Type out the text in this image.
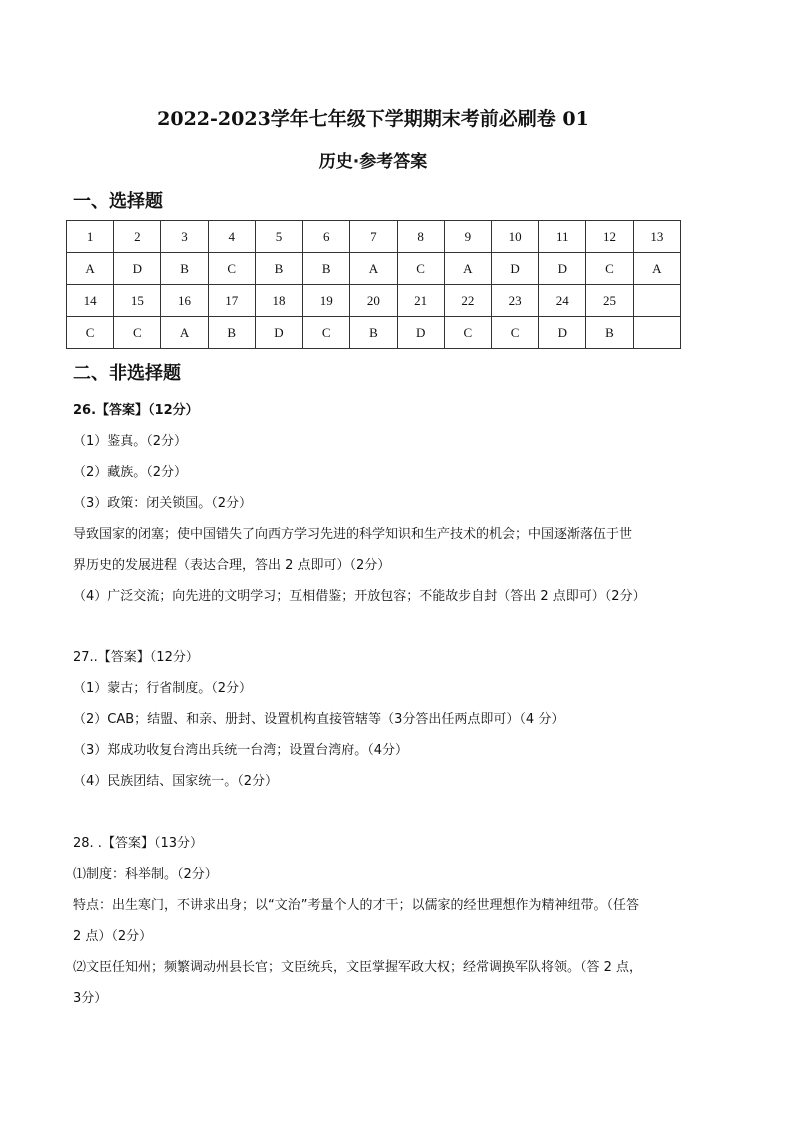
2022-2023学年七年级下学期期末考前必刷卷 01
历史·参考答案
一、选择题
1	2	3	4	5	6	7	8	9	10	11	12	13
A	D	B	C	B	B	A	C	A	D	D	C	A
14	15	16	17	18	19	20	21	22	23	24	25	
C	C	A	B	D	C	B	D	C	C	D	B	
二、非选择题
26.【答案】（12分）
（1）鉴真。（2分）
（2）藏族。（2分）
（3）政策：闭关锁国。（2分）
导致国家的闭塞；使中国错失了向西方学习先进的科学知识和生产技术的机会；中国逐渐落伍于世
界历史的发展进程（表达合理，答出 2 点即可）（2分）
（4）广泛交流；向先进的文明学习；互相借鉴；开放包容；不能故步自封（答出 2 点即可）（2分）
27..【答案】（12分）
（1）蒙古；行省制度。（2分）
（2）CAB；结盟、和亲、册封、设置机构直接管辖等（3分答出任两点即可）（4 分）
（3）郑成功收复台湾出兵统一台湾；设置台湾府。（4分）
（4）民族团结、国家统一。（2分）
28. .【答案】（13分）
⑴制度：科举制。（2分）
特点：出生寒门，不讲求出身；以“文治”考量个人的才干；以儒家的经世理想作为精神纽带。（任答
2 点）（2分）
⑵文臣任知州；频繁调动州县长官；文臣统兵，文臣掌握军政大权；经常调换军队将领。（答 2 点，
3分）
